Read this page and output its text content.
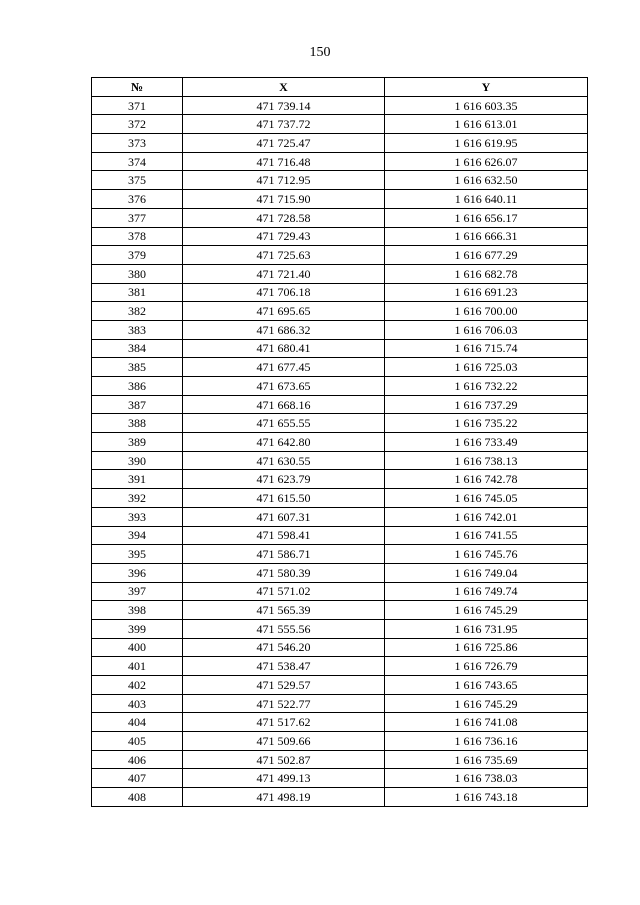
150
№	X	Y
371	471 739.14	1 616 603.35
372	471 737.72	1 616 613.01
373	471 725.47	1 616 619.95
374	471 716.48	1 616 626.07
375	471 712.95	1 616 632.50
376	471 715.90	1 616 640.11
377	471 728.58	1 616 656.17
378	471 729.43	1 616 666.31
379	471 725.63	1 616 677.29
380	471 721.40	1 616 682.78
381	471 706.18	1 616 691.23
382	471 695.65	1 616 700.00
383	471 686.32	1 616 706.03
384	471 680.41	1 616 715.74
385	471 677.45	1 616 725.03
386	471 673.65	1 616 732.22
387	471 668.16	1 616 737.29
388	471 655.55	1 616 735.22
389	471 642.80	1 616 733.49
390	471 630.55	1 616 738.13
391	471 623.79	1 616 742.78
392	471 615.50	1 616 745.05
393	471 607.31	1 616 742.01
394	471 598.41	1 616 741.55
395	471 586.71	1 616 745.76
396	471 580.39	1 616 749.04
397	471 571.02	1 616 749.74
398	471 565.39	1 616 745.29
399	471 555.56	1 616 731.95
400	471 546.20	1 616 725.86
401	471 538.47	1 616 726.79
402	471 529.57	1 616 743.65
403	471 522.77	1 616 745.29
404	471 517.62	1 616 741.08
405	471 509.66	1 616 736.16
406	471 502.87	1 616 735.69
407	471 499.13	1 616 738.03
408	471 498.19	1 616 743.18
